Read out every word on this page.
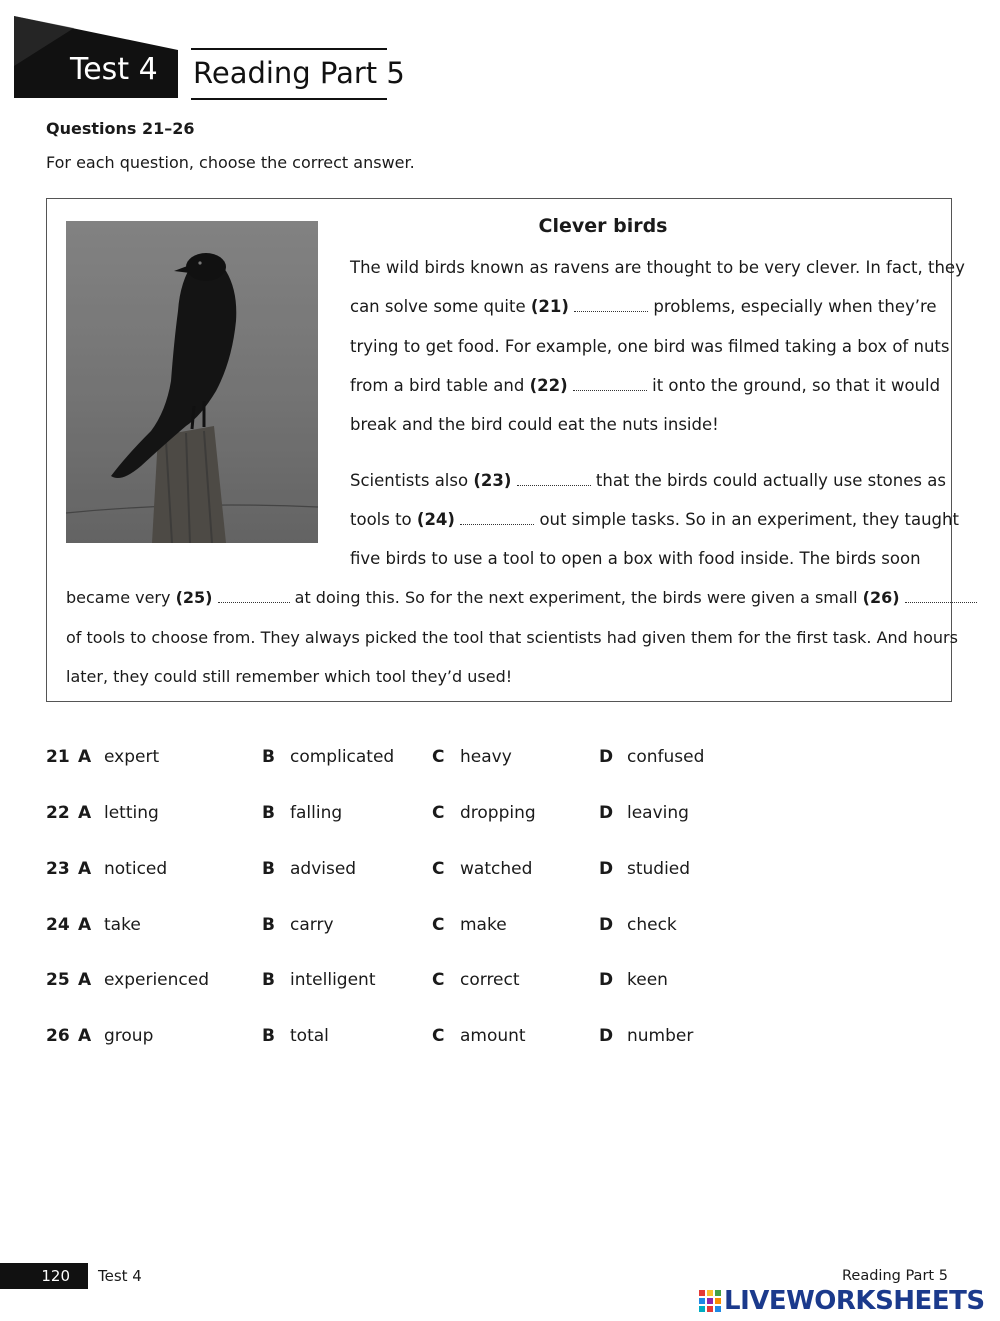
Test 4 Reading Part 5
Questions 21–26
For each question, choose the correct answer.
Clever birds
The wild birds known as ravens are thought to be very clever. In fact, they
can solve some quite (21)	problems, especially when they’re
trying to get food. For example, one bird was filmed taking a box of nuts
from a bird table and (22)	it onto the ground, so that it would
break and the bird could eat the nuts inside!
Scientists also (23)	that the birds could actually use stones as
tools to (24)	out simple tasks. So in an experiment, they taught
five birds to use a tool to open a box with food inside. The birds soon
became very (25)	at doing this. So for the next experiment, the birds were given a small (26)
of tools to choose from. They always picked the tool that scientists had given them for the first task. And hours
later, they could still remember which tool they’d used!
21 A expert	B complicated C heavy	D confused
22 A letting	B falling	C dropping	D leaving
23 A noticed	B advised	C watched	D studied
24 A take	B carry	C make	D check
25 A experienced	B intelligent	C correct	D keen
26 A group	B total	C amount	D number
120 Test 4	Reading Part 5
LIVEWORKSHEETS
